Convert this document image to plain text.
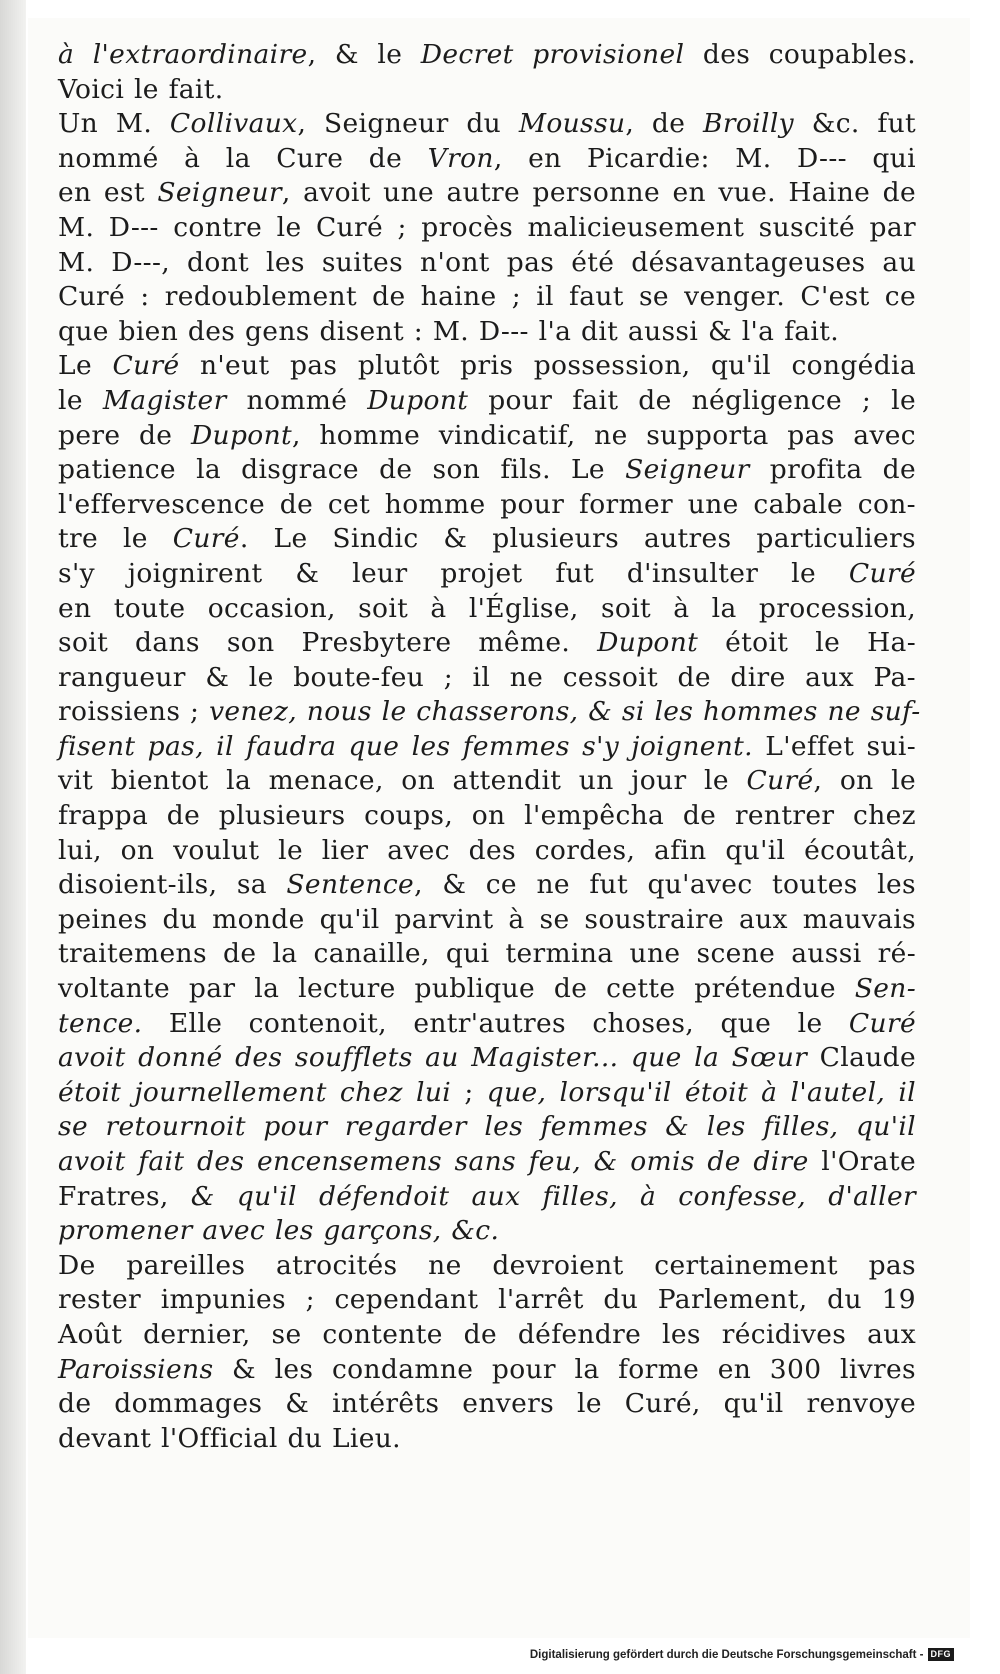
à l'extraordinaire, & le Decret provisionel des coupables.
Voici le fait.
Un M. Collivaux, Seigneur du Moussu, de Broilly &c. fut
nommé à la Cure de Vron, en Picardie: M. D--- qui
en est Seigneur, avoit une autre personne en vue. Haine de
M. D--- contre le Curé ; procès malicieusement suscité par
M. D---, dont les suites n'ont pas été désavantageuses au
Curé : redoublement de haine ; il faut se venger. C'est ce
que bien des gens disent : M. D--- l'a dit aussi & l'a fait.
Le Curé n'eut pas plutôt pris possession, qu'il congédia
le Magister nommé Dupont pour fait de négligence ; le
pere de Dupont, homme vindicatif, ne supporta pas avec
patience la disgrace de son fils. Le Seigneur profita de
l'effervescence de cet homme pour former une cabale con-
tre le Curé. Le Sindic & plusieurs autres particuliers
s'y joignirent & leur projet fut d'insulter le Curé
en toute occasion, soit à l'Église, soit à la procession,
soit dans son Presbytere même. Dupont étoit le Ha-
rangueur & le boute-feu ; il ne cessoit de dire aux Pa-
roissiens ; venez, nous le chasserons, & si les hommes ne suf-
fisent pas, il faudra que les femmes s'y joignent. L'effet sui-
vit bientot la menace, on attendit un jour le Curé, on le
frappa de plusieurs coups, on l'empêcha de rentrer chez
lui, on voulut le lier avec des cordes, afin qu'il écoutât,
disoient-ils, sa Sentence, & ce ne fut qu'avec toutes les
peines du monde qu'il parvint à se soustraire aux mauvais
traitemens de la canaille, qui termina une scene aussi ré-
voltante par la lecture publique de cette prétendue Sen-
tence. Elle contenoit, entr'autres choses, que le Curé
avoit donné des soufflets au Magister... que la Sœur Claude
étoit journellement chez lui ; que, lorsqu'il étoit à l'autel, il
se retournoit pour regarder les femmes & les filles, qu'il
avoit fait des encensemens sans feu, & omis de dire l'Orate
Fratres, & qu'il défendoit aux filles, à confesse, d'aller
promener avec les garçons, &c.
De pareilles atrocités ne devroient certainement pas
rester impunies ; cependant l'arrêt du Parlement, du 19
Août dernier, se contente de défendre les récidives aux
Paroissiens & les condamne pour la forme en 300 livres
de dommages & intérêts envers le Curé, qu'il renvoye
devant l'Official du Lieu.
Digitalisierung gefördert durch die Deutsche Forschungsgemeinschaft - DFG
